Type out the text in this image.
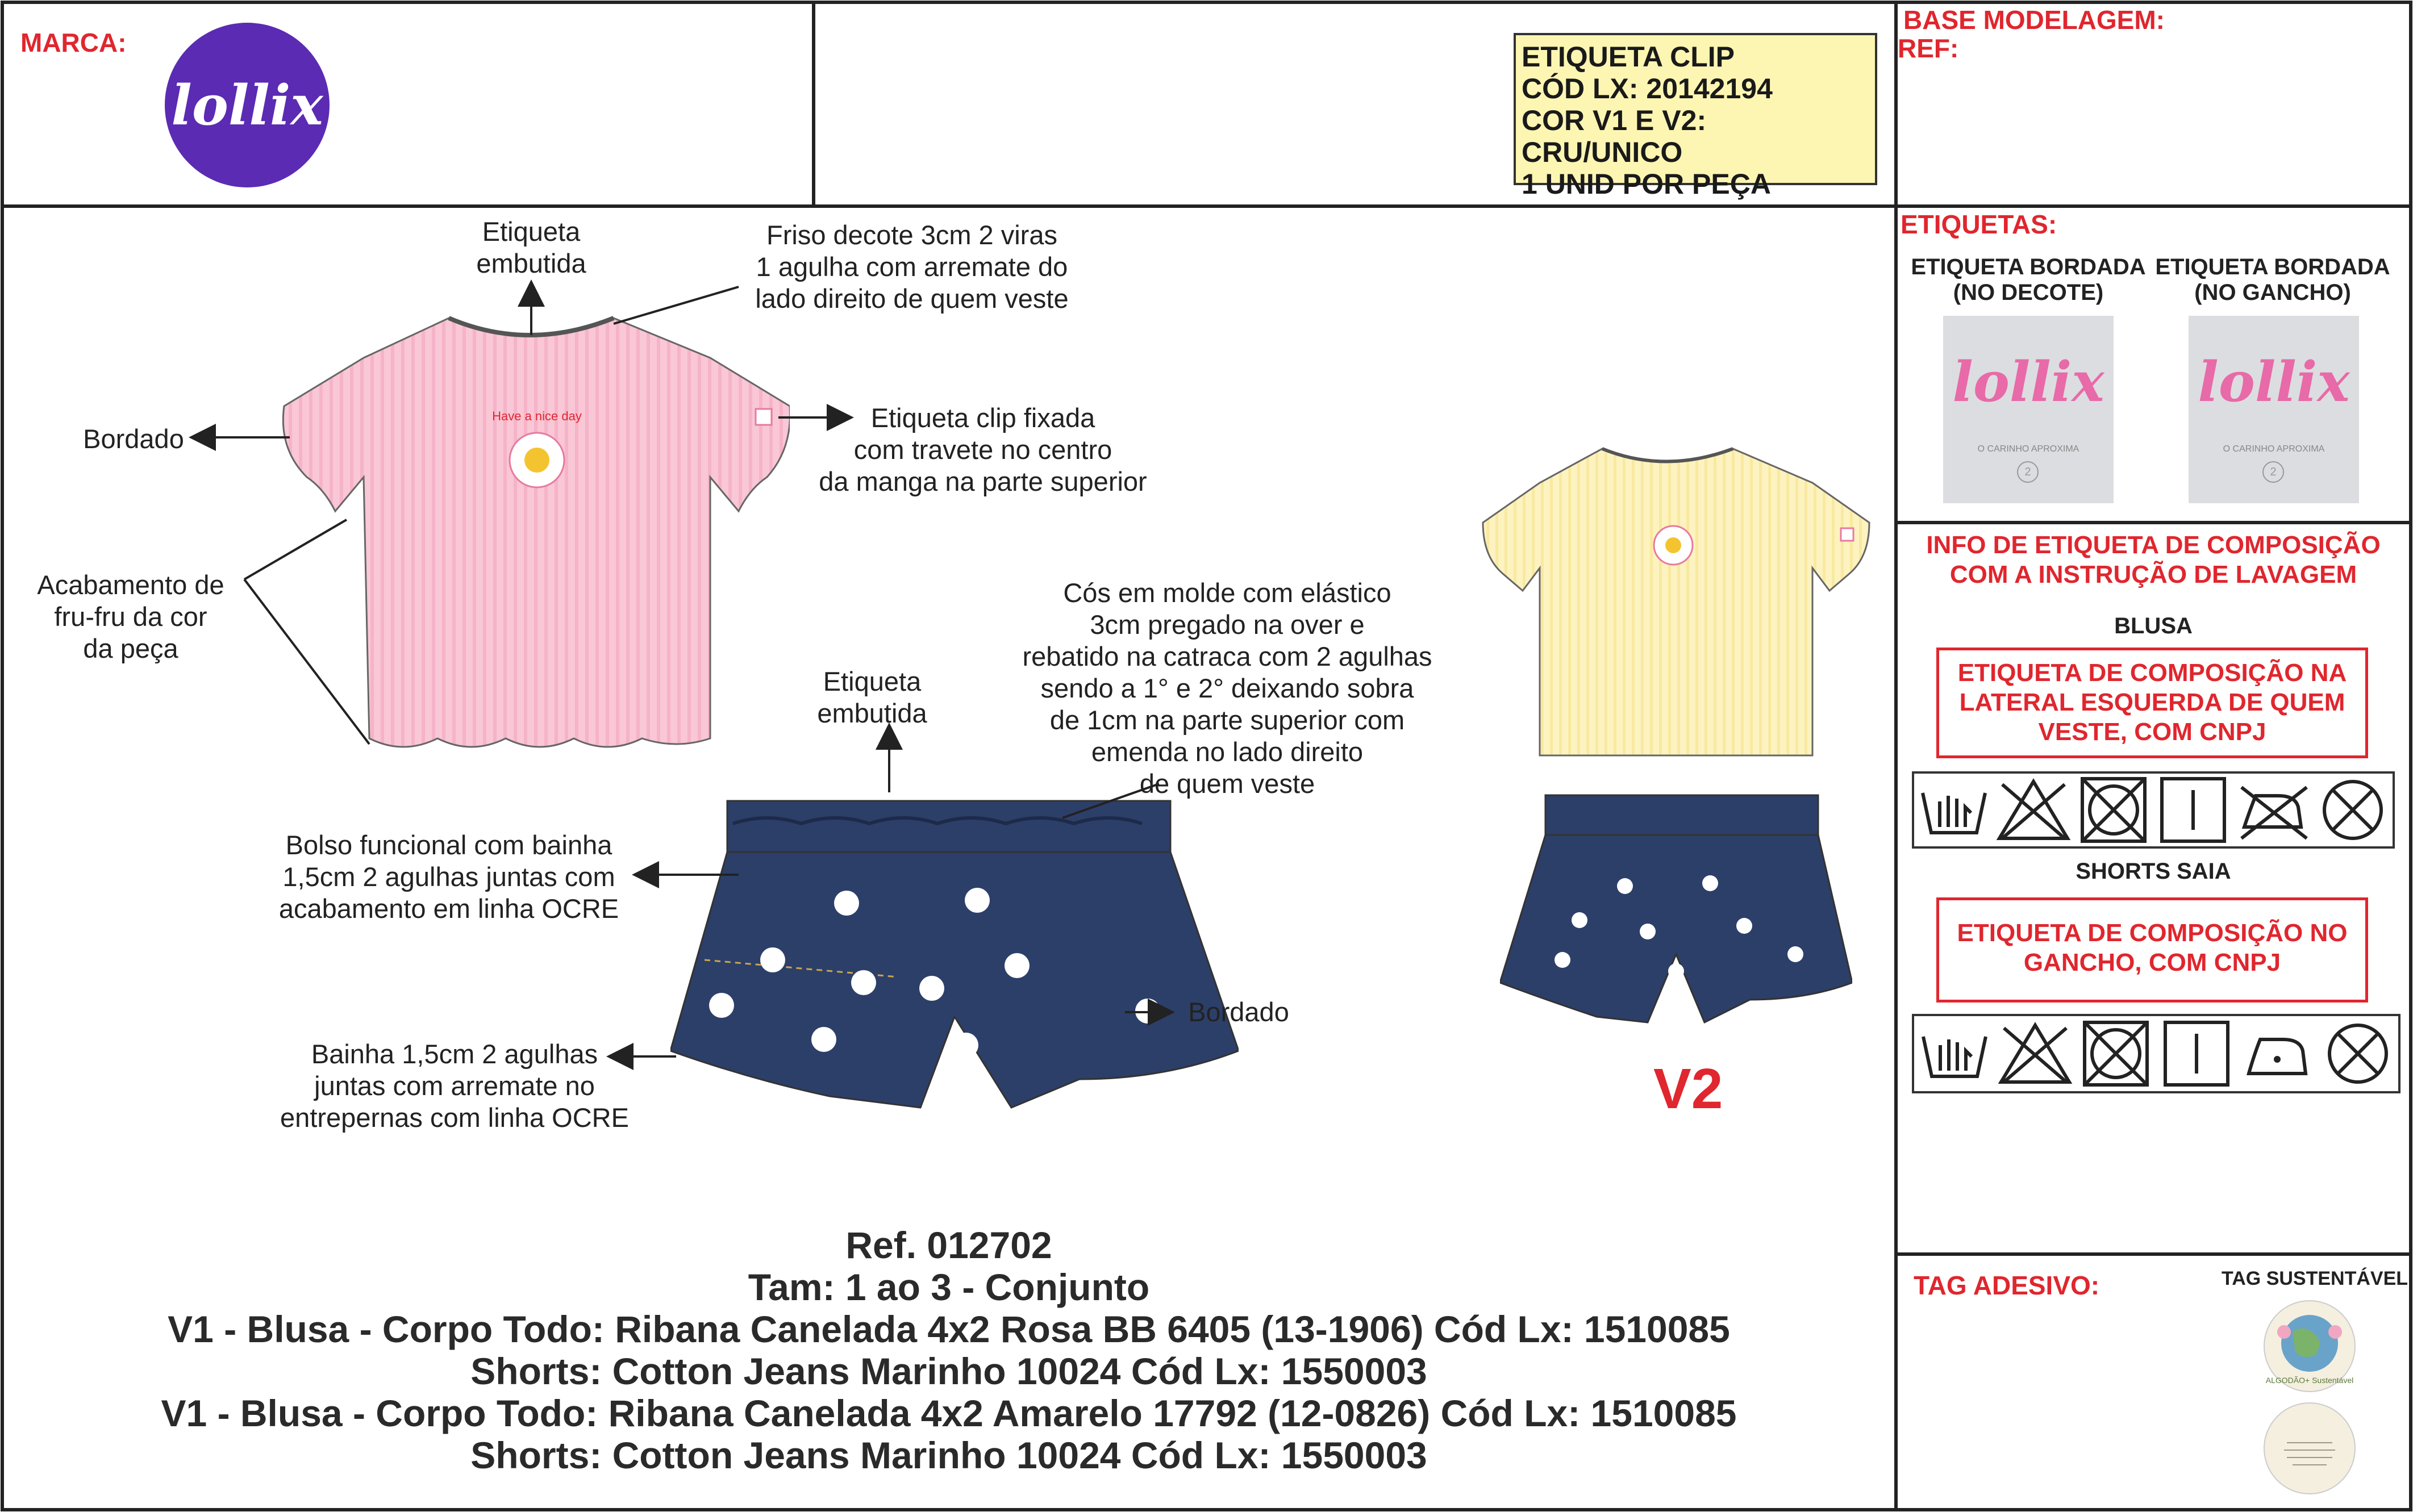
MARCA:
lollix
ETIQUETA CLIP
CÓD LX: 20142194
COR V1 E V2: CRU/UNICO
1 UNID POR PEÇA
BASE MODELAGEM:
REF:
Have a nice day
Etiqueta
embutida
Friso decote 3cm 2 viras
1 agulha com arremate do
lado direito de quem veste
Bordado
Etiqueta clip fixada
com travete no centro
da manga na parte superior
Acabamento de
fru-fru da cor
da peça
Cós em molde com elástico
3cm pregado na over e
rebatido na catraca com 2 agulhas
sendo a 1° e 2° deixando sobra
de 1cm na parte superior com
emenda no lado direito
de quem veste
Etiqueta
embutida
Bolso funcional com bainha
1,5cm 2 agulhas juntas com
acabamento em linha OCRE
Bordado
Bainha 1,5cm 2 agulhas
juntas com arremate no
entrepernas com linha OCRE	V2
Ref. 012702
Tam: 1 ao 3 - Conjunto
V1 - Blusa - Corpo Todo: Ribana Canelada 4x2 Rosa BB 6405 (13-1906) Cód Lx: 1510085
Shorts: Cotton Jeans Marinho 10024 Cód Lx: 1550003
V1 - Blusa - Corpo Todo: Ribana Canelada 4x2 Amarelo 17792 (12-0826) Cód Lx: 1510085
Shorts: Cotton Jeans Marinho 10024 Cód Lx: 1550003
ETIQUETAS:
ETIQUETA BORDADA
(NO DECOTE)
ETIQUETA BORDADA
(NO GANCHO)
lollix
O CARINHO APROXIMA
2
lollix
O CARINHO APROXIMA
2
INFO DE ETIQUETA DE COMPOSIÇÃO
COM A INSTRUÇÃO DE LAVAGEM
BLUSA
ETIQUETA DE COMPOSIÇÃO NA
LATERAL ESQUERDA DE QUEM
VESTE, COM CNPJ
SHORTS SAIA
ETIQUETA DE COMPOSIÇÃO NO
GANCHO, COM CNPJ
TAG ADESIVO:	TAG SUSTENTÁVEL
ALGODÃO+ Sustentável
